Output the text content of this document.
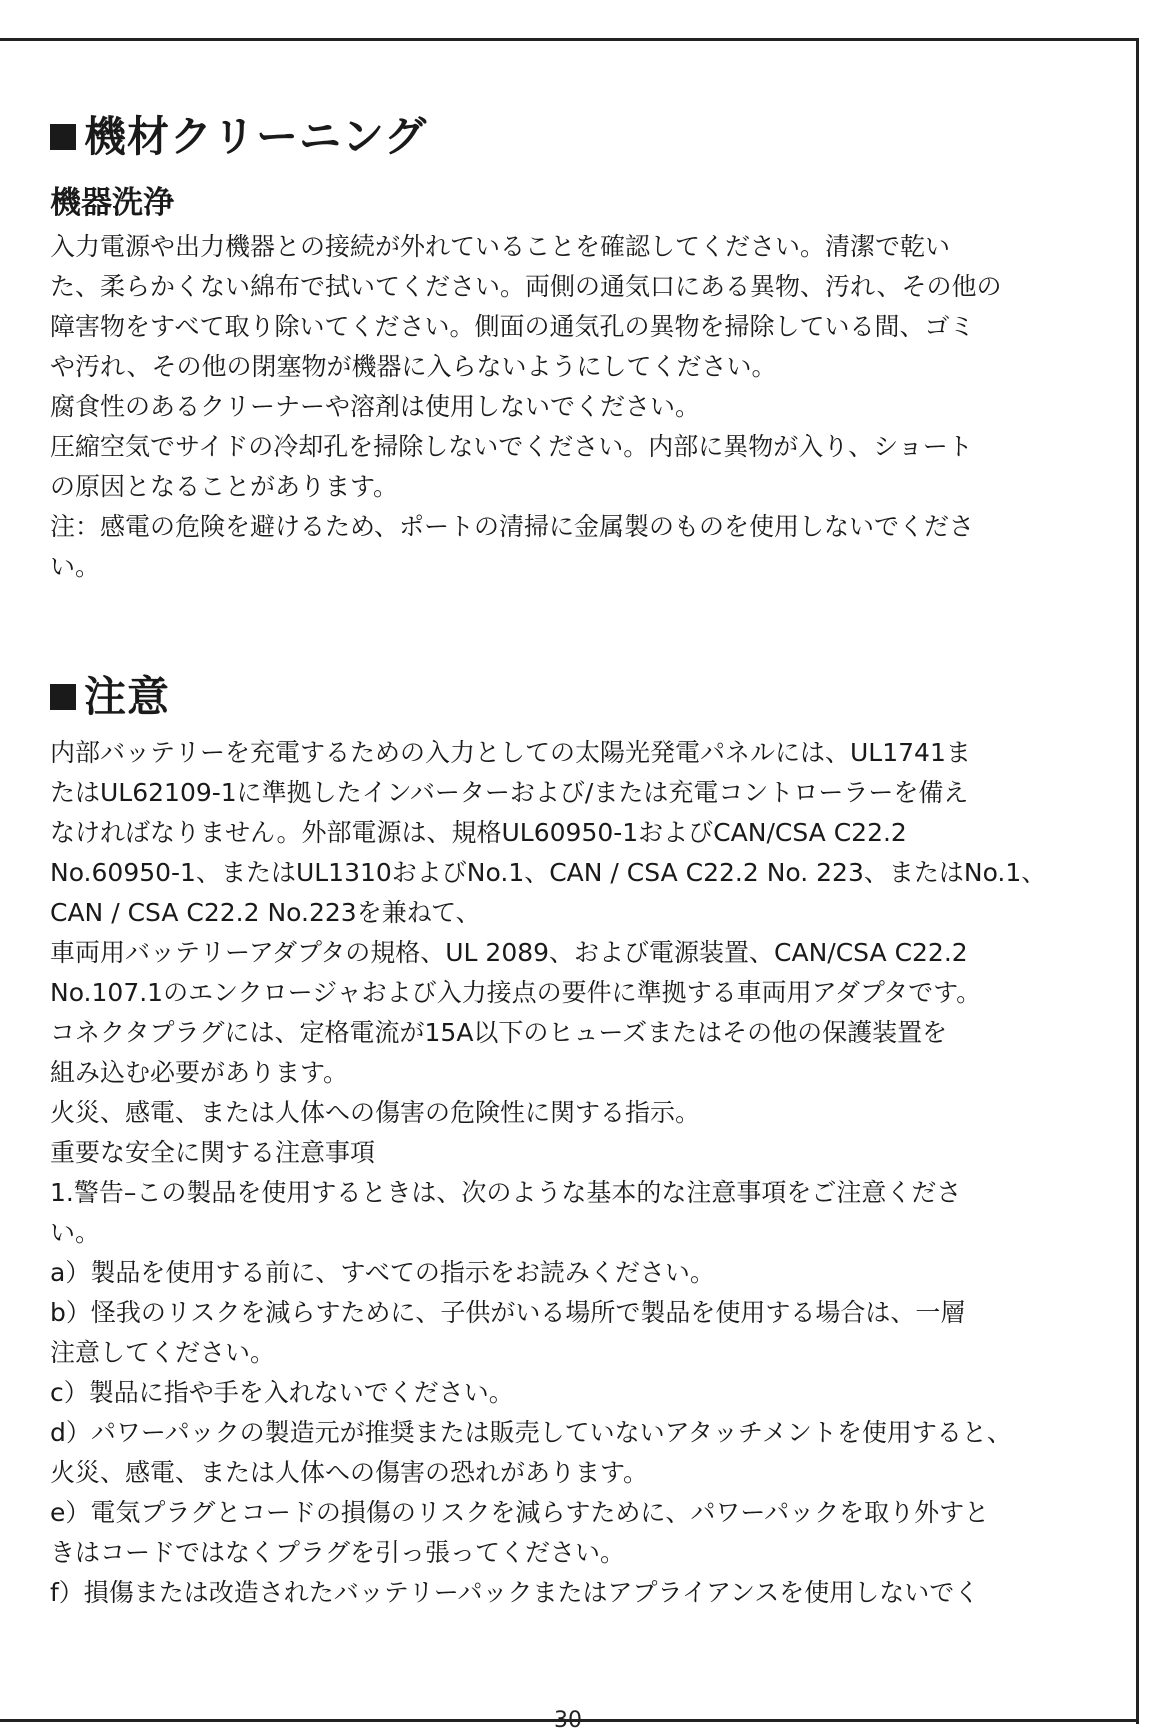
機材クリーニング
機器洗浄

入力電源や出力機器との接続が外れていることを確認してください。清潔で乾い

た、柔らかくない綿布で拭いてください。両側の通気口にある異物、汚れ、その他の

障害物をすべて取り除いてください。側面の通気孔の異物を掃除している間、ゴミ

や汚れ、その他の閉塞物が機器に入らないようにしてください。

腐食性のあるクリーナーや溶剤は使用しないでください。

圧縮空気でサイドの冷却孔を掃除しないでください。内部に異物が入り、ショート

の原因となることがあります。

注：感電の危険を避けるため、ポートの清掃に金属製のものを使用しないでくださ

い。

注意

内部バッテリーを充電するための入力としての太陽光発電パネルには、UL1741ま

たはUL62109-1に準拠したインバーターおよび/または充電コントローラーを備え

なければなりません。外部電源は、規格UL60950-1およびCAN/CSA C22.2

No.60950-1、またはUL1310およびNo.1、CAN / CSA C22.2 No. 223、またはNo.1、

CAN / CSA C22.2 No.223を兼ねて、

車両用バッテリーアダプタの規格、UL 2089、および電源装置、CAN/CSA C22.2

No.107.1のエンクロージャおよび入力接点の要件に準拠する車両用アダプタです。

コネクタプラグには、定格電流が15A以下のヒューズまたはその他の保護装置を

組み込む必要があります。

火災、感電、または人体への傷害の危険性に関する指示。

重要な安全に関する注意事項

1.警告–この製品を使用するときは、次のような基本的な注意事項をご注意くださ

い。

a）製品を使用する前に、すべての指示をお読みください。

b）怪我のリスクを減らすために、子供がいる場所で製品を使用する場合は、一層

注意してください。

c）製品に指や手を入れないでください。

d）パワーパックの製造元が推奨または販売していないアタッチメントを使用すると、

火災、感電、または人体への傷害の恐れがあります。

e）電気プラグとコードの損傷のリスクを減らすために、パワーパックを取り外すと

きはコードではなくプラグを引っ張ってください。

f）損傷または改造されたバッテリーパックまたはアプライアンスを使用しないでく

30
